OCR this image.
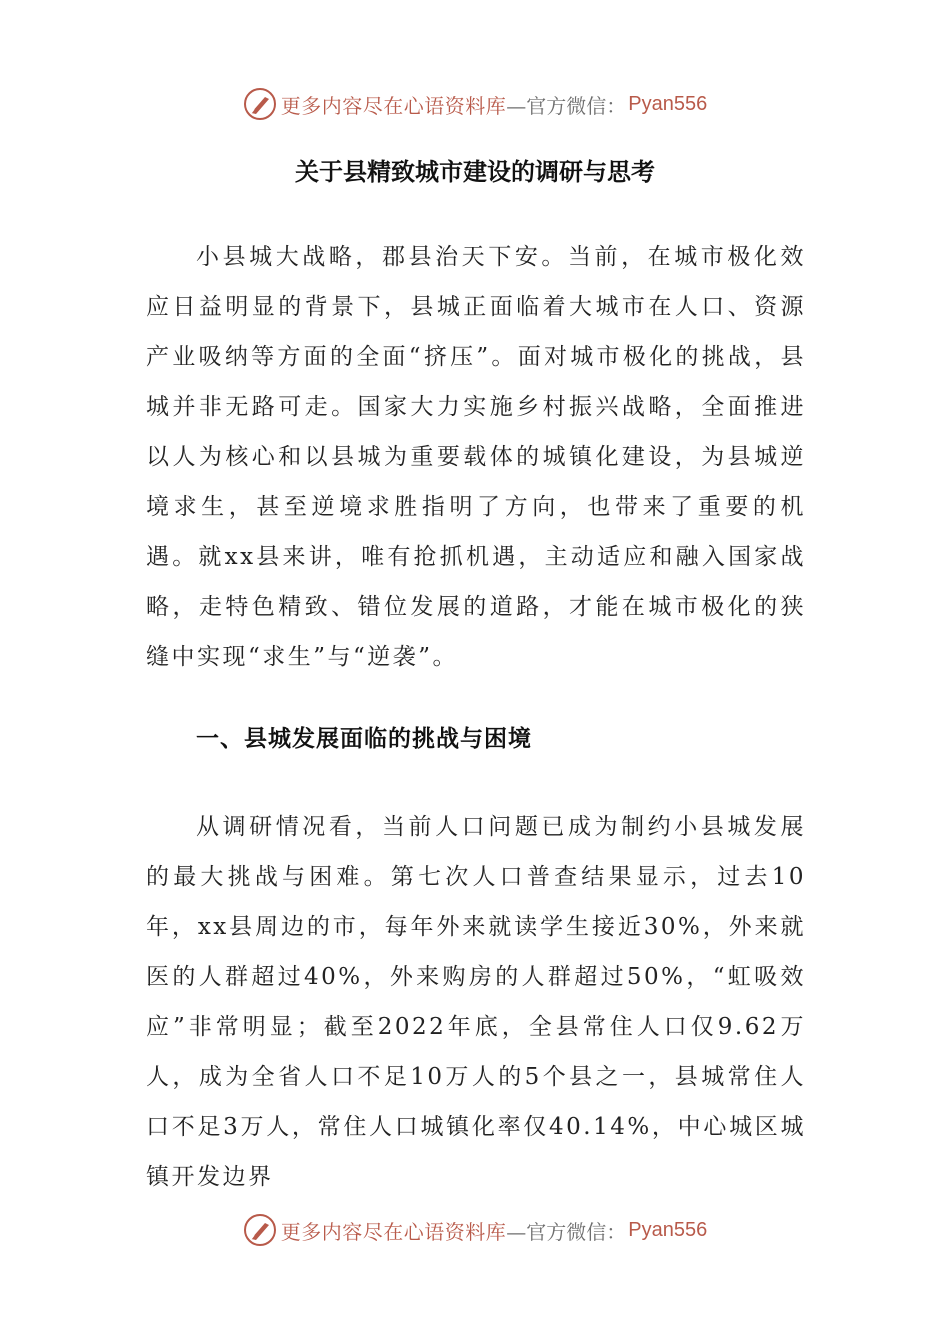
更多内容尽在心语资料库 —官方微信： Pyan556
关于县精致城市建设的调研与思考

小县城大战略，郡县治天下安。当前，在城市极化效应日益明显的背景下，县城正面临着大城市在人口、资源产业吸纳等方面的全面“挤压”。面对城市极化的挑战，县城并非无路可走。国家大力实施乡村振兴战略，全面推进以人为核心和以县城为重要载体的城镇化建设，为县城逆境求生，甚至逆境求胜指明了方向，也带来了重要的机遇。就xx县来讲，唯有抢抓机遇，主动适应和融入国家战略，走特色精致、错位发展的道路，才能在城市极化的狭缝中实现“求生”与“逆袭”。

一、县城发展面临的挑战与困境

从调研情况看，当前人口问题已成为制约小县城发展的最大挑战与困难。第七次人口普查结果显示，过去10年，xx县周边的市，每年外来就读学生接近30%，外来就医的人群超过40%，外来购房的人群超过50%，“虹吸效应”非常明显；截至2022年底，全县常住人口仅9.62万人，成为全省人口不足10万人的5个县之一，县城常住人口不足3万人，常住人口城镇化率仅40.14%，中心城区城镇开发边界

更多内容尽在心语资料库 —官方微信： Pyan556
